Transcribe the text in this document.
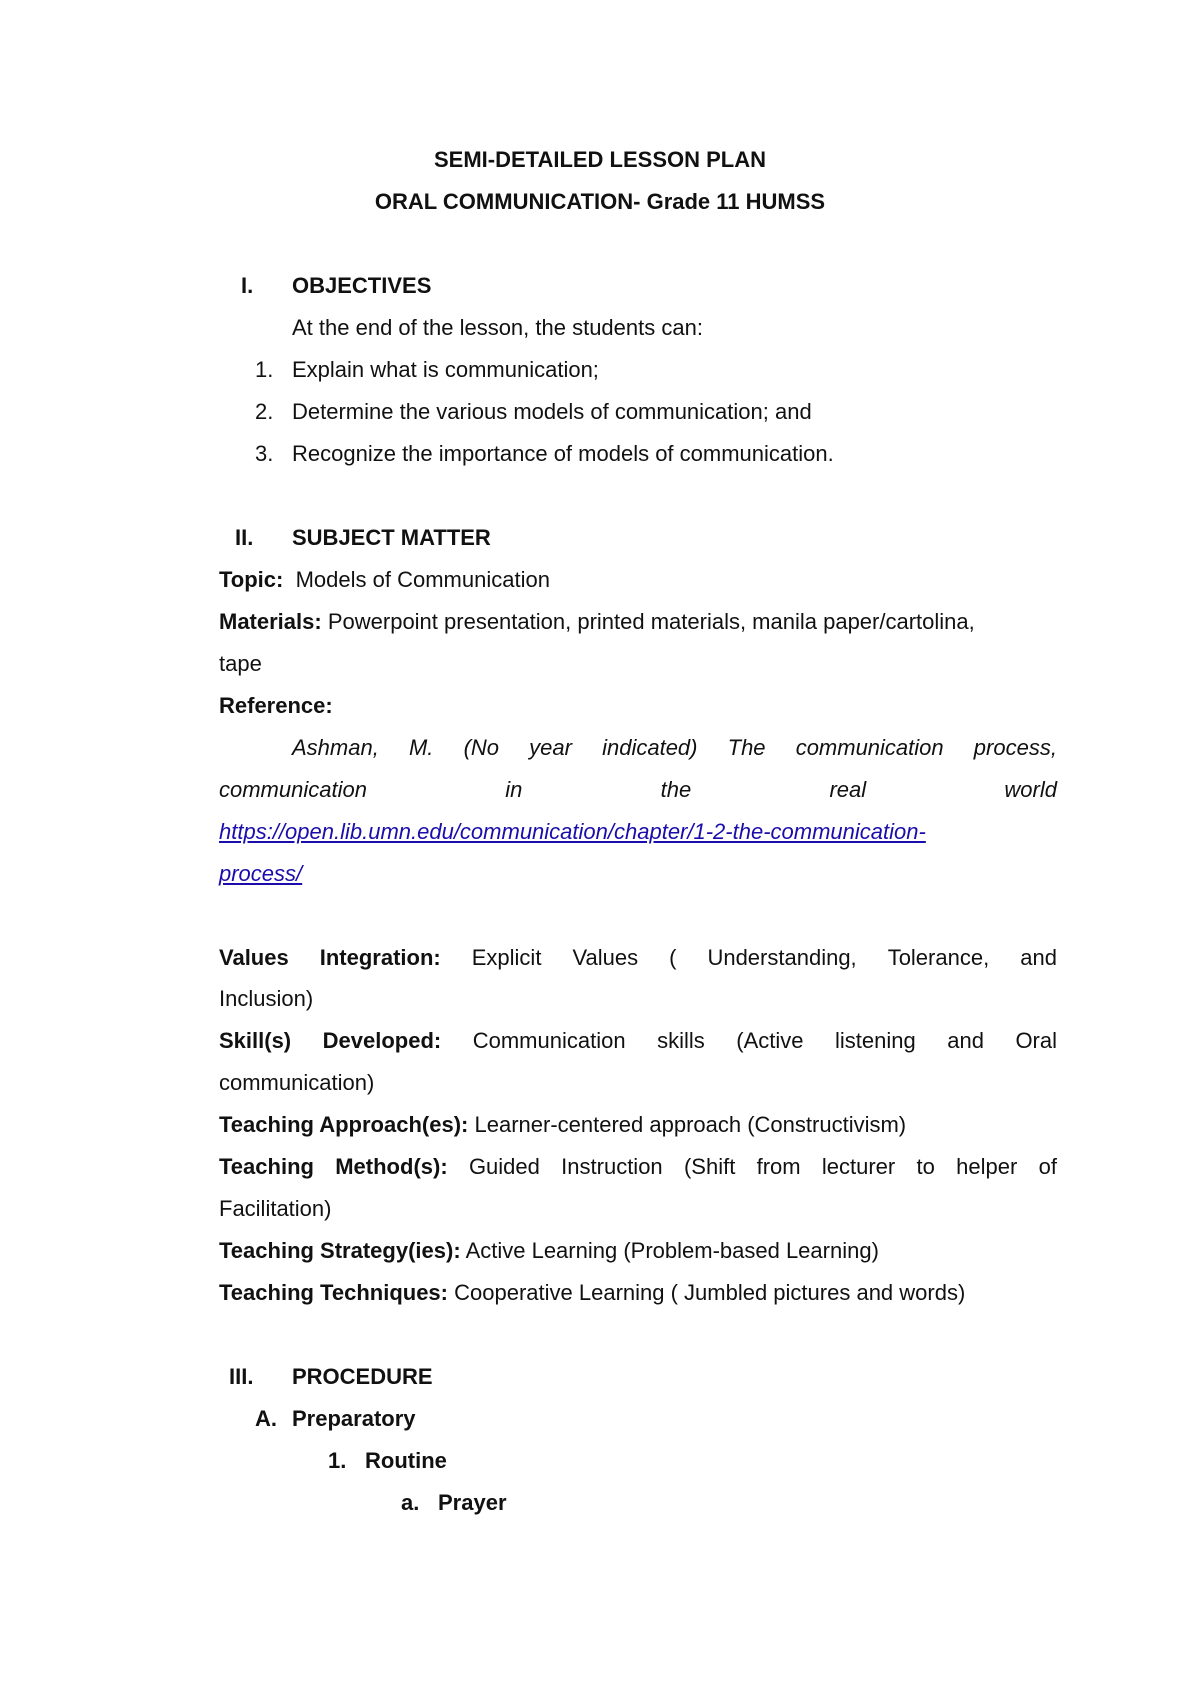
SEMI-DETAILED LESSON PLAN
ORAL COMMUNICATION- Grade 11 HUMSS
I. OBJECTIVES
At the end of the lesson, the students can:
1. Explain what is communication;
2. Determine the various models of communication; and
3. Recognize the importance of models of communication.
II. SUBJECT MATTER
Topic: Models of Communication
Materials: Powerpoint presentation, printed materials, manila paper/cartolina,
tape
Reference:
Ashman, M. (No year indicated) The communication process,
communication	in	the	real	world
https://open.lib.umn.edu/communication/chapter/1-2-the-communication-
process/
Values Integration: Explicit Values ( Understanding, Tolerance, and
Inclusion)
Skill(s) Developed: Communication skills (Active listening and Oral
communication)
Teaching Approach(es): Learner-centered approach (Constructivism)
Teaching Method(s): Guided Instruction (Shift from lecturer to helper of
Facilitation)
Teaching Strategy(ies): Active Learning (Problem-based Learning)
Teaching Techniques: Cooperative Learning ( Jumbled pictures and words)
III. PROCEDURE
A. Preparatory
1. Routine
a. Prayer
